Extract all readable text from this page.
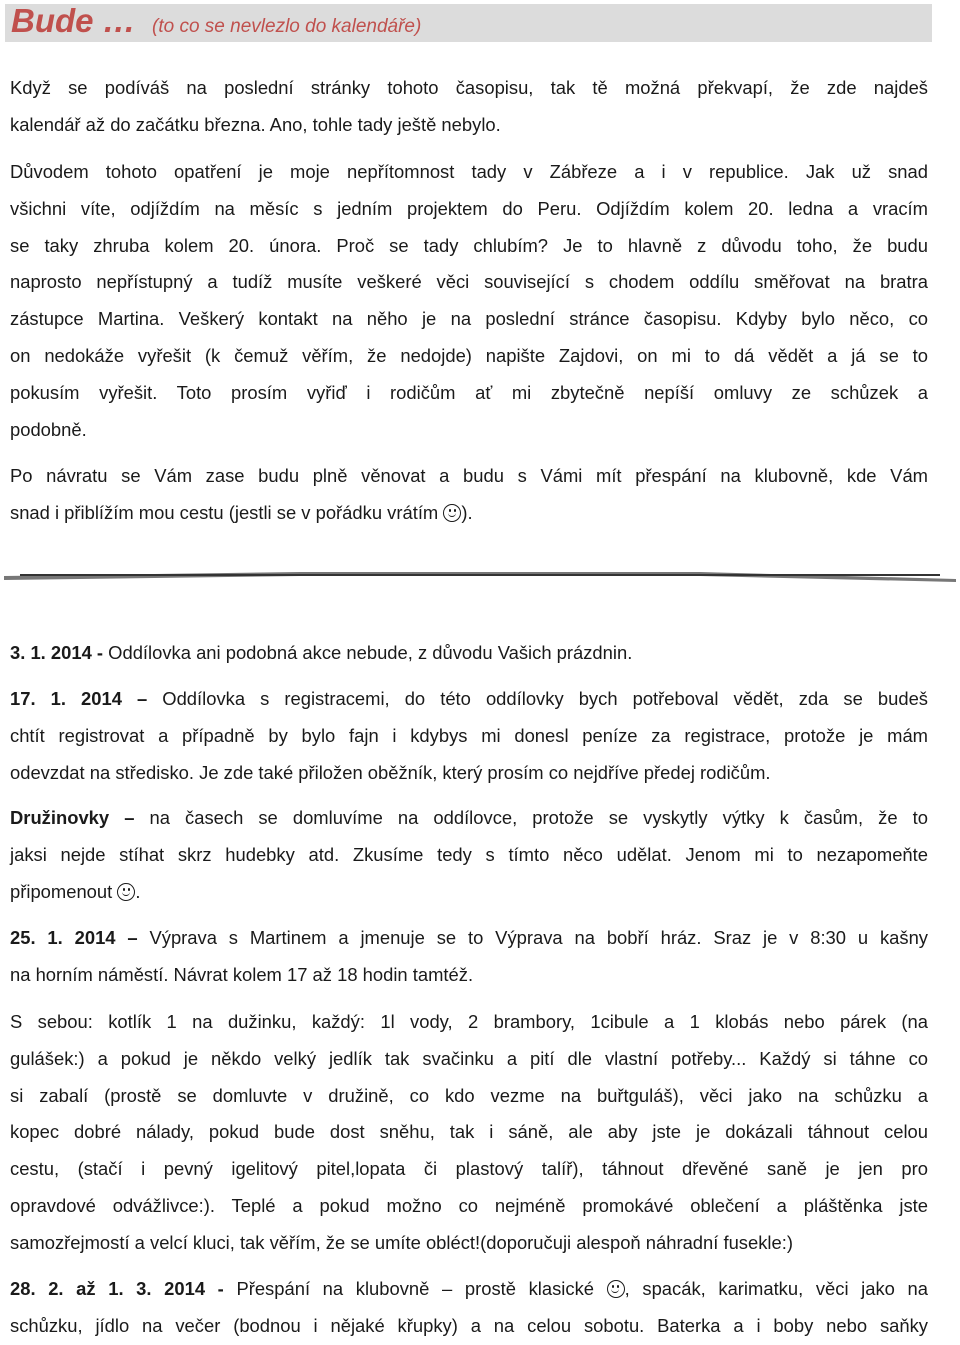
Bude … (to co se nevlezlo do kalendáře)

Když se podíváš na poslední stránky tohoto časopisu, tak tě možná překvapí, že zde najdeš
kalendář až do začátku března. Ano, tohle tady ještě nebylo.

Důvodem tohoto opatření je moje nepřítomnost tady v Zábřeze a i v republice. Jak už snad
všichni víte, odjíždím na měsíc s jedním projektem do Peru. Odjíždím kolem 20. ledna a vracím
se taky zhruba kolem 20. února. Proč se tady chlubím? Je to hlavně z důvodu toho, že budu
naprosto nepřístupný a tudíž musíte veškeré věci související s chodem oddílu směřovat na bratra
zástupce Martina. Veškerý kontakt na něho je na poslední stránce časopisu. Kdyby bylo něco, co
on nedokáže vyřešit (k čemuž věřím, že nedojde) napište Zajdovi, on mi to dá vědět a já se to
pokusím vyřešit. Toto prosím vyřiď i rodičům ať mi zbytečně nepíší omluvy ze schůzek a
podobně.

Po návratu se Vám zase budu plně věnovat a budu s Vámi mít přespání na klubovně, kde Vám
snad i přiblížím mou cestu (jestli se v pořádku vrátím
).

3. 1. 2014 - Oddílovka ani podobná akce nebude, z důvodu Vašich prázdnin.

17. 1. 2014 – Oddílovka s registracemi, do této oddílovky bych potřeboval vědět, zda se budeš
chtít registrovat a případně by bylo fajn i kdybys mi donesl peníze za registrace, protože je mám
odevzdat na středisko. Je zde také přiložen oběžník, který prosím co nejdříve předej rodičům.

Družinovky – na časech se domluvíme na oddílovce, protože se vyskytly výtky k časům, že to
jaksi nejde stíhat skrz hudebky atd. Zkusíme tedy s tímto něco udělat. Jenom mi to nezapomeňte
připomenout
.

25. 1. 2014 – Výprava s Martinem a jmenuje se to Výprava na bobří hráz. Sraz je v 8:30 u kašny
na horním náměstí. Návrat kolem 17 až 18 hodin tamtéž.

S sebou: kotlík 1 na dužinku, každý: 1l vody, 2 brambory, 1cibule a 1 klobás nebo párek (na
gulášek:) a pokud je někdo velký jedlík tak svačinku a pití dle vlastní potřeby... Každý si táhne co
si zabalí (prostě se domluvte v družině, co kdo vezme na buřtguláš), věci jako na schůzku a
kopec dobré nálady, pokud bude dost sněhu, tak i sáně, ale aby jste je dokázali táhnout celou
cestu, (stačí i pevný igelitový pitel,lopata či plastový talíř), táhnout dřevěné saně je jen pro
opravdové odvážlivce:). Teplé a pokud možno co nejméně promokávé oblečení a pláštěnka jste
samozřejmostí a velcí kluci, tak věřím, že se umíte obléct!(doporučuji alespoň náhradní fusekle:)

28. 2. až 1. 3. 2014 - Přespání na klubovně – prostě klasické
, spacák, karimatku, věci jako na
schůzku, jídlo na večer (bodnou i nějaké křupky) a na celou sobotu. Baterka a i boby nebo saňky
